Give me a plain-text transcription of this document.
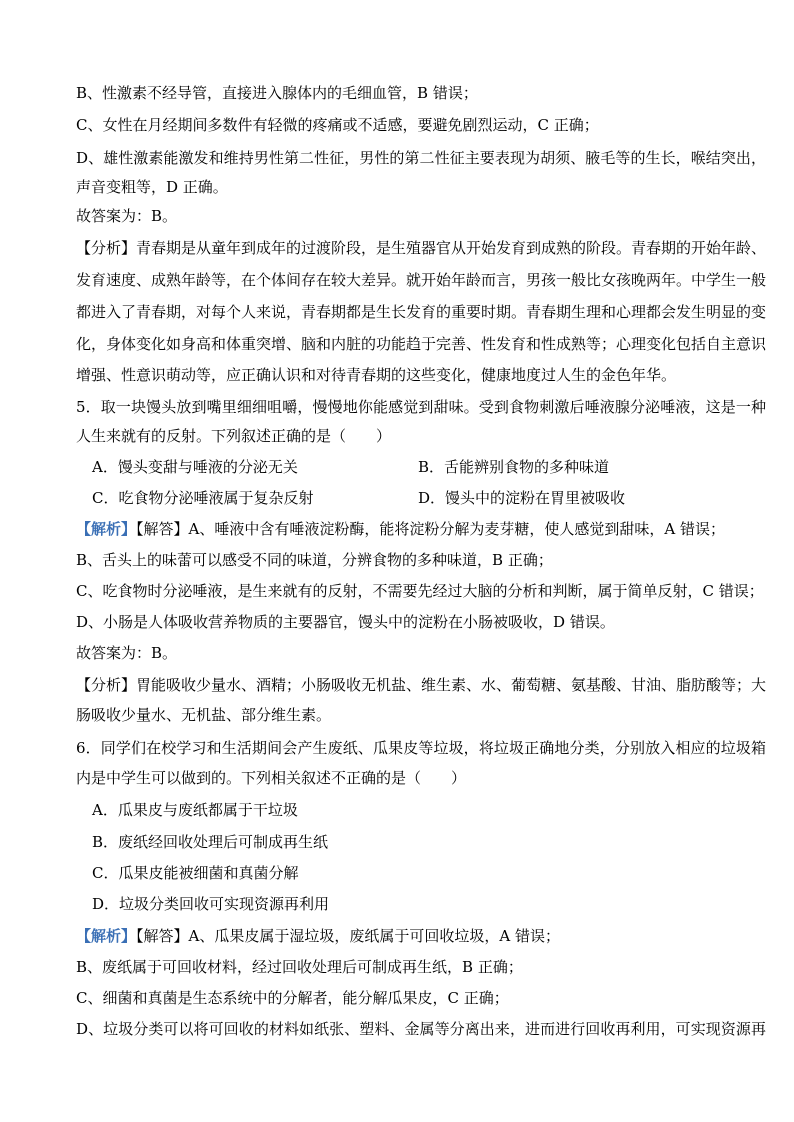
B、性激素不经导管，直接进入腺体内的毛细血管，B 错误；
C、女性在月经期间多数件有轻微的疼痛或不适感，要避免剧烈运动，C 正确；
D、雄性激素能激发和维持男性第二性征，男性的第二性征主要表现为胡须、腋毛等的生长，喉结突出，
声音变粗等，D 正确。
故答案为：B。
【分析】青春期是从童年到成年的过渡阶段，是生殖器官从开始发育到成熟的阶段。青春期的开始年龄、
发育速度、成熟年龄等，在个体间存在较大差异。就开始年龄而言，男孩一般比女孩晚两年。中学生一般
都进入了青春期，对每个人来说，青春期都是生长发育的重要时期。青春期生理和心理都会发生明显的变
化，身体变化如身高和体重突增、脑和内脏的功能趋于完善、性发育和性成熟等；心理变化包括自主意识
增强、性意识萌动等，应正确认识和对待青春期的这些变化，健康地度过人生的金色年华。
5．取一块馒头放到嘴里细细咀嚼，慢慢地你能感觉到甜味。受到食物刺激后唾液腺分泌唾液，这是一种
人生来就有的反射。下列叙述正确的是（　　）
A．馒头变甜与唾液的分泌无关	B．舌能辨别食物的多种味道
C．吃食物分泌唾液属于复杂反射	D．馒头中的淀粉在胃里被吸收
【解析】【解答】A、唾液中含有唾液淀粉酶，能将淀粉分解为麦芽糖，使人感觉到甜味，A 错误；
B、舌头上的味蕾可以感受不同的味道，分辨食物的多种味道，B 正确；
C、吃食物时分泌唾液，是生来就有的反射，不需要先经过大脑的分析和判断，属于简单反射，C 错误；
D、小肠是人体吸收营养物质的主要器官，馒头中的淀粉在小肠被吸收，D 错误。
故答案为：B。
【分析】胃能吸收少量水、酒精；小肠吸收无机盐、维生素、水、葡萄糖、氨基酸、甘油、脂肪酸等；大
肠吸收少量水、无机盐、部分维生素。
6．同学们在校学习和生活期间会产生废纸、瓜果皮等垃圾，将垃圾正确地分类，分别放入相应的垃圾箱
内是中学生可以做到的。下列相关叙述不正确的是（　　）
A．瓜果皮与废纸都属于干垃圾
B．废纸经回收处理后可制成再生纸
C．瓜果皮能被细菌和真菌分解
D．垃圾分类回收可实现资源再利用
【解析】【解答】A、瓜果皮属于湿垃圾，废纸属于可回收垃圾，A 错误；
B、废纸属于可回收材料，经过回收处理后可制成再生纸，B 正确；
C、细菌和真菌是生态系统中的分解者，能分解瓜果皮，C 正确；
D、垃圾分类可以将可回收的材料如纸张、塑料、金属等分离出来，进而进行回收再利用，可实现资源再
